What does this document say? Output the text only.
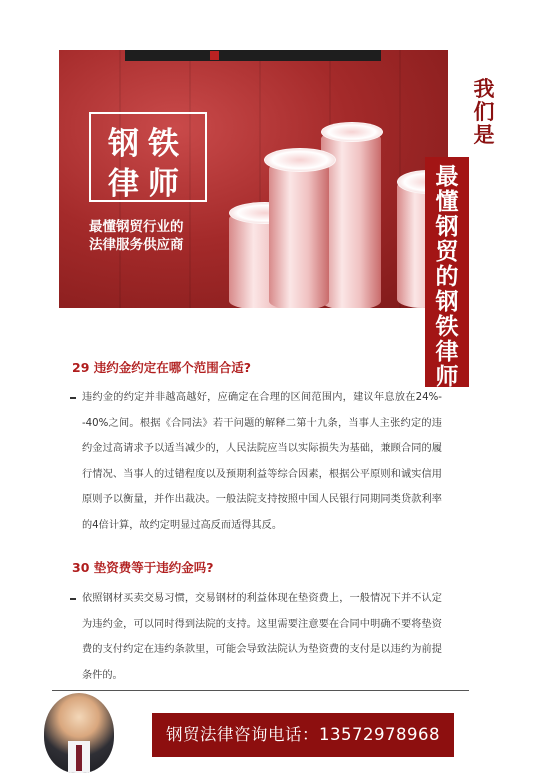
钢铁
律师
最懂钢贸行业的
法律服务供应商
我们是
最懂钢贸的钢铁律师
29 违约金约定在哪个范围合适?
违约金的约定并非越高越好，应确定在合理的区间范围内，建议年息放在24%--40%之间。根据《合同法》若干问题的解释二第十九条，当事人主张约定的违约金过高请求予以适当减少的，人民法院应当以实际损失为基础，兼顾合同的履行情况、当事人的过错程度以及预期利益等综合因素，根据公平原则和诚实信用原则予以衡量，并作出裁决。一般法院支持按照中国人民银行同期同类贷款利率的4倍计算，故约定明显过高反而适得其反。
30 垫资费等于违约金吗?
依照钢材买卖交易习惯，交易钢材的利益体现在垫资费上，一般情况下并不认定为违约金，可以同时得到法院的支持。这里需要注意要在合同中明确不要将垫资费的支付约定在违约条款里，可能会导致法院认为垫资费的支付是以违约为前提条件的。
钢贸法律咨询电话：13572978968
